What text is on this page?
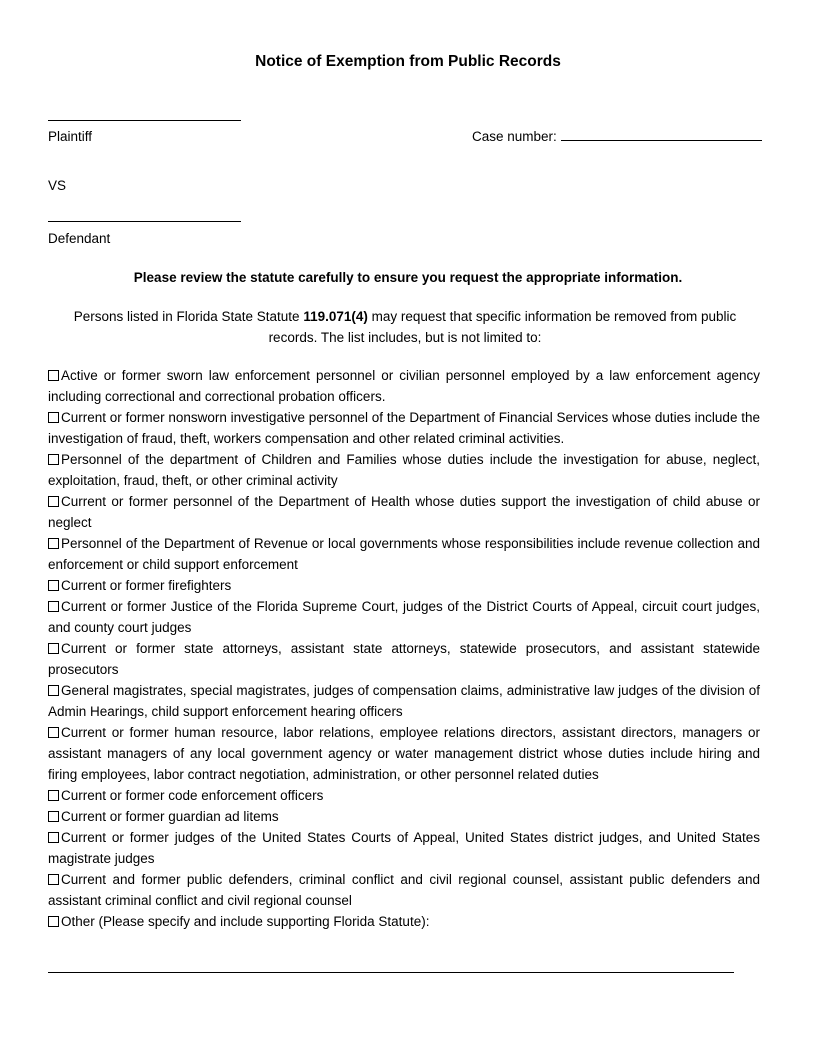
Notice of Exemption from Public Records
Plaintiff	Case number:
VS
Defendant
Please review the statute carefully to ensure you request the appropriate information.
Persons listed in Florida State Statute 119.071(4) may request that specific information be removed from public records. The list includes, but is not limited to:
Active or former sworn law enforcement personnel or civilian personnel employed by a law enforcement agency including correctional and correctional probation officers.
Current or former nonsworn investigative personnel of the Department of Financial Services whose duties include the investigation of fraud, theft, workers compensation and other related criminal activities.
Personnel of the department of Children and Families whose duties include the investigation for abuse, neglect, exploitation, fraud, theft, or other criminal activity
Current or former personnel of the Department of Health whose duties support the investigation of child abuse or neglect
Personnel of the Department of Revenue or local governments whose responsibilities include revenue collection and enforcement or child support enforcement
Current or former firefighters
Current or former Justice of the Florida Supreme Court, judges of the District Courts of Appeal, circuit court judges, and county court judges
Current or former state attorneys, assistant state attorneys, statewide prosecutors, and assistant statewide prosecutors
General magistrates, special magistrates, judges of compensation claims, administrative law judges of the division of Admin Hearings, child support enforcement hearing officers
Current or former human resource, labor relations, employee relations directors, assistant directors, managers or assistant managers of any local government agency or water management district whose duties include hiring and firing employees, labor contract negotiation, administration, or other personnel related duties
Current or former code enforcement officers
Current or former guardian ad litems
Current or former judges of the United States Courts of Appeal, United States district judges, and United States magistrate judges
Current and former public defenders, criminal conflict and civil regional counsel, assistant public defenders and assistant criminal conflict and civil regional counsel
Other (Please specify and include supporting Florida Statute):
